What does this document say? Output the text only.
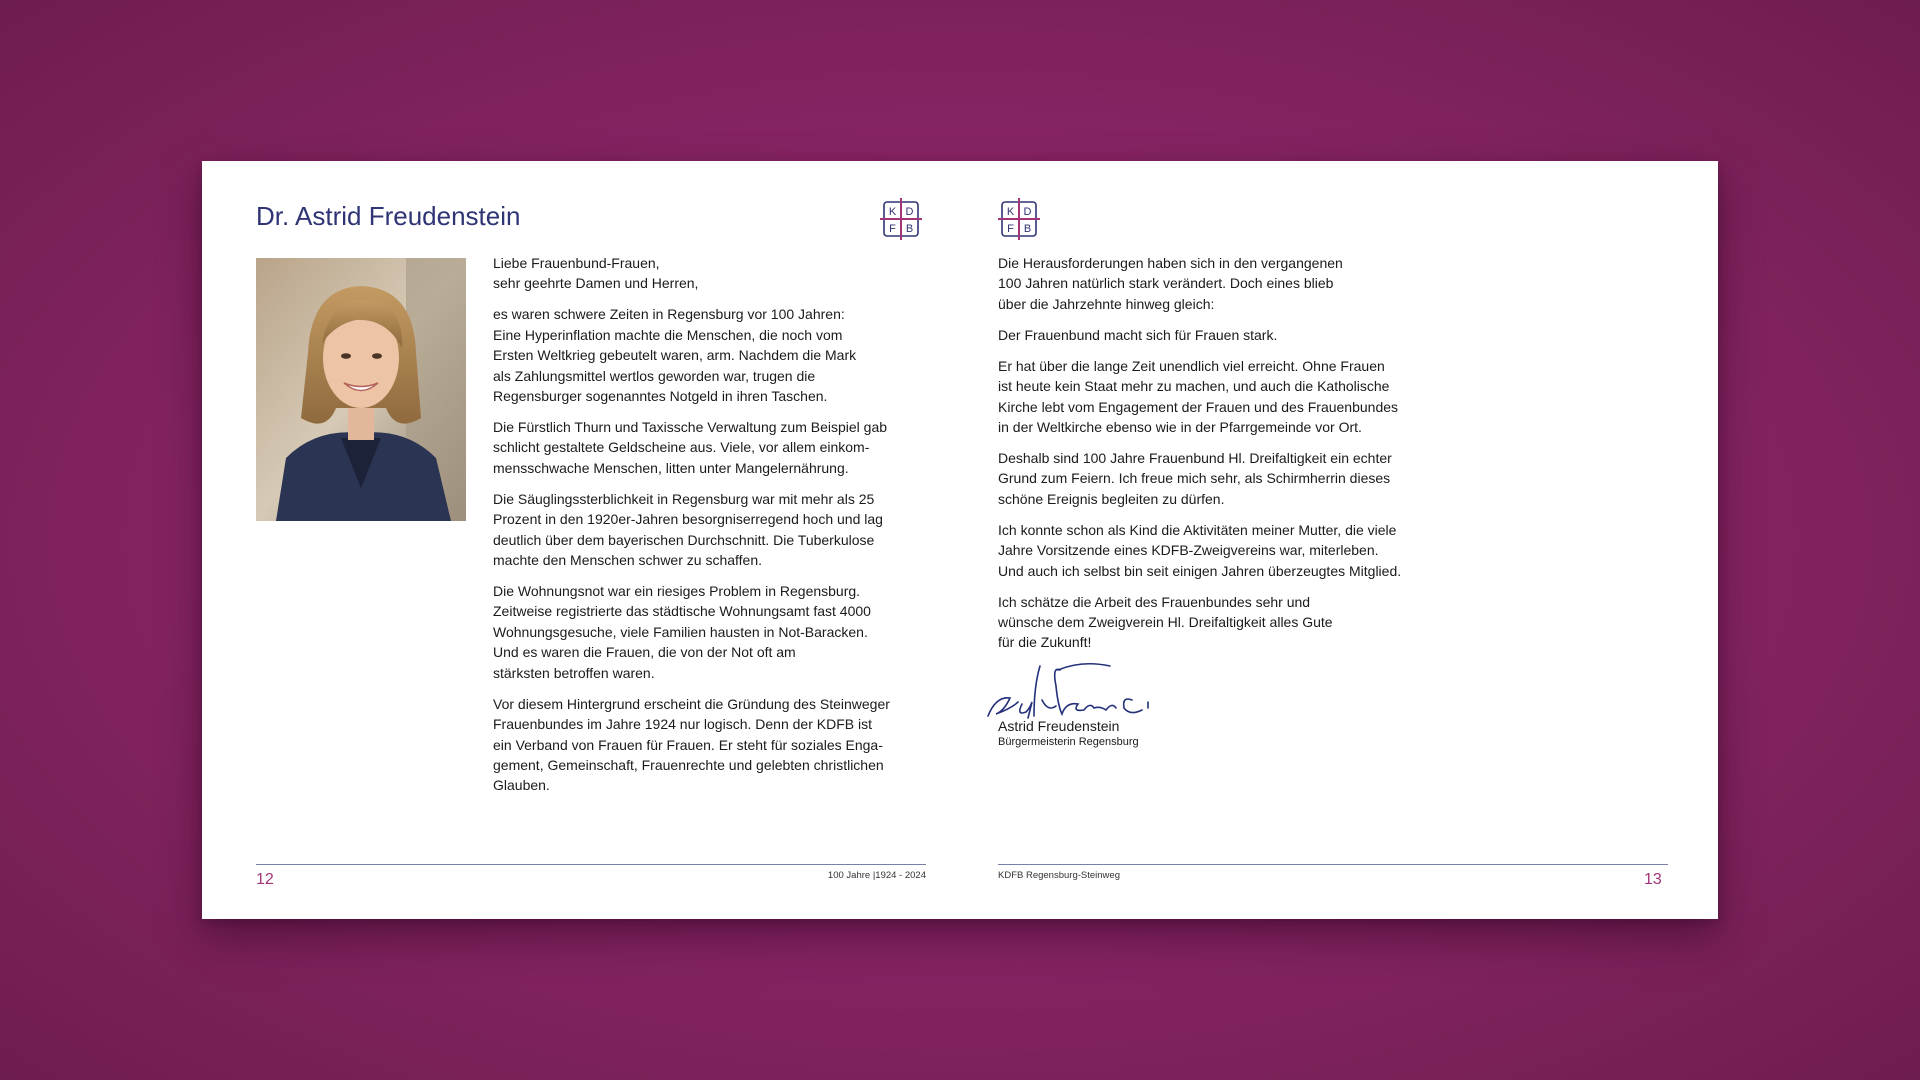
Dr. Astrid Freudenstein	K D
F B

Liebe Frauenbund-Frauen,
sehr geehrte Damen und Herren,

es waren schwere Zeiten in Regensburg vor 100 Jahren:
Eine Hyperinflation machte die Menschen, die noch vom
Ersten Weltkrieg gebeutelt waren, arm. Nachdem die Mark
als Zahlungsmittel wertlos geworden war, trugen die
Regensburger sogenanntes Notgeld in ihren Taschen.

Die Fürstlich Thurn und Taxissche Verwaltung zum Beispiel gab
schlicht gestaltete Geldscheine aus. Viele, vor allem einkom-
mensschwache Menschen, litten unter Mangelernährung.

Die Säuglingssterblichkeit in Regensburg war mit mehr als 25
Prozent in den 1920er-Jahren besorgniserregend hoch und lag
deutlich über dem bayerischen Durchschnitt. Die Tuberkulose
machte den Menschen schwer zu schaffen.

Die Wohnungsnot war ein riesiges Problem in Regensburg.
Zeitweise registrierte das städtische Wohnungsamt fast 4000
Wohnungsgesuche, viele Familien hausten in Not-Baracken.
Und es waren die Frauen, die von der Not oft am
stärksten betroffen waren.

Vor diesem Hintergrund erscheint die Gründung des Steinweger
Frauenbundes im Jahre 1924 nur logisch. Denn der KDFB ist
ein Verband von Frauen für Frauen. Er steht für soziales Enga-
gement, Gemeinschaft, Frauenrechte und gelebten christlichen
Glauben.

12	100 Jahre |1924 - 2024
K D
F B

Die Herausforderungen haben sich in den vergangenen
100 Jahren natürlich stark verändert. Doch eines blieb
über die Jahrzehnte hinweg gleich:

Der Frauenbund macht sich für Frauen stark.

Er hat über die lange Zeit unendlich viel erreicht. Ohne Frauen
ist heute kein Staat mehr zu machen, und auch die Katholische
Kirche lebt vom Engagement der Frauen und des Frauenbundes
in der Weltkirche ebenso wie in der Pfarrgemeinde vor Ort.

Deshalb sind 100 Jahre Frauenbund Hl. Dreifaltigkeit ein echter
Grund zum Feiern. Ich freue mich sehr, als Schirmherrin dieses
schöne Ereignis begleiten zu dürfen.

Ich konnte schon als Kind die Aktivitäten meiner Mutter, die viele
Jahre Vorsitzende eines KDFB-Zweigvereins war, miterleben.
Und auch ich selbst bin seit einigen Jahren überzeugtes Mitglied.

Ich schätze die Arbeit des Frauenbundes sehr und
wünsche dem Zweigverein Hl. Dreifaltigkeit alles Gute
für die Zukunft!

Astrid Freudenstein
Bürgermeisterin Regensburg
KDFB Regensburg-Steinweg	13
